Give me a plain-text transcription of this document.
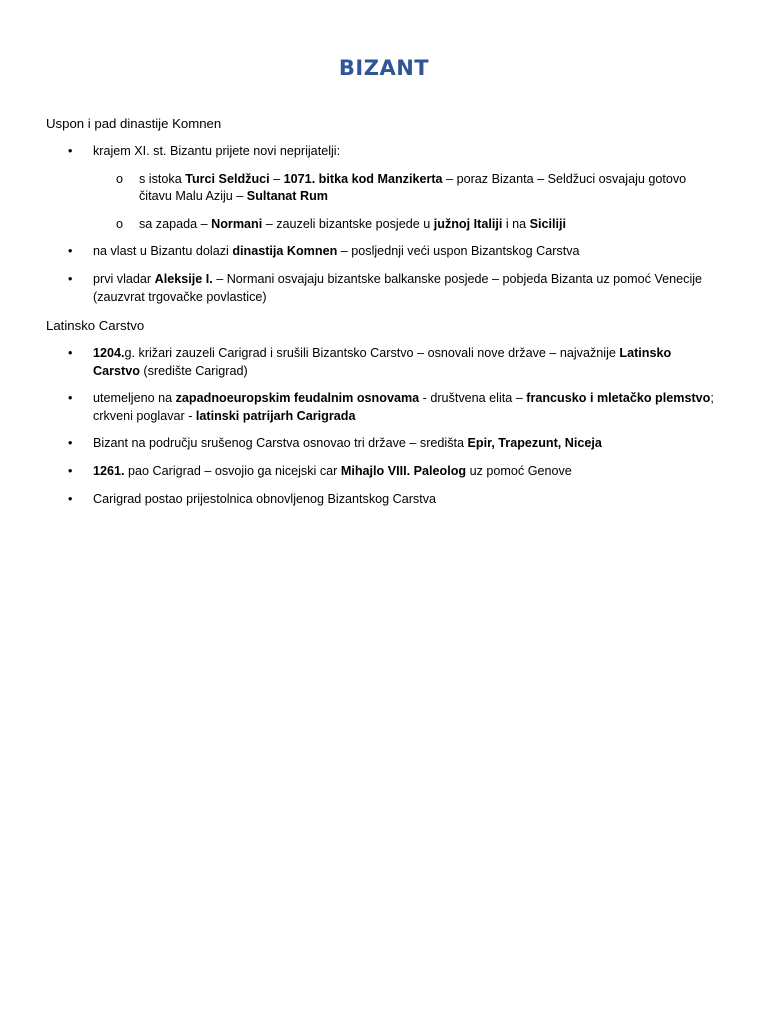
BIZANT

Uspon i pad dinastije Komnen

• krajem XI. st. Bizantu prijete novi neprijatelji:
o s istoka Turci Seldžuci – 1071. bitka kod Manzikerta – poraz Bizanta – Seldžuci osvajaju gotovo čitavu Malu Aziju – Sultanat Rum
o sa zapada – Normani – zauzeli bizantske posjede u južnoj Italiji i na Siciliji
• na vlast u Bizantu dolazi dinastija Komnen – posljednji veći uspon Bizantskog Carstva
• prvi vladar Aleksije I. – Normani osvajaju bizantske balkanske posjede – pobjeda Bizanta uz pomoć Venecije (zauzvrat trgovačke povlastice)

Latinsko Carstvo

• 1204.g. križari zauzeli Carigrad i srušili Bizantsko Carstvo – osnovali nove države – najvažnije Latinsko Carstvo (središte Carigrad)
• utemeljeno na zapadnoeuropskim feudalnim osnovama - društvena elita – francusko i mletačko plemstvo; crkveni poglavar - latinski patrijarh Carigrada
• Bizant na području srušenog Carstva osnovao tri države – središta Epir, Trapezunt, Niceja
• 1261. pao Carigrad – osvojio ga nicejski car Mihajlo VIII. Paleolog uz pomoć Genove
• Carigrad postao prijestolnica obnovljenog Bizantskog Carstva
